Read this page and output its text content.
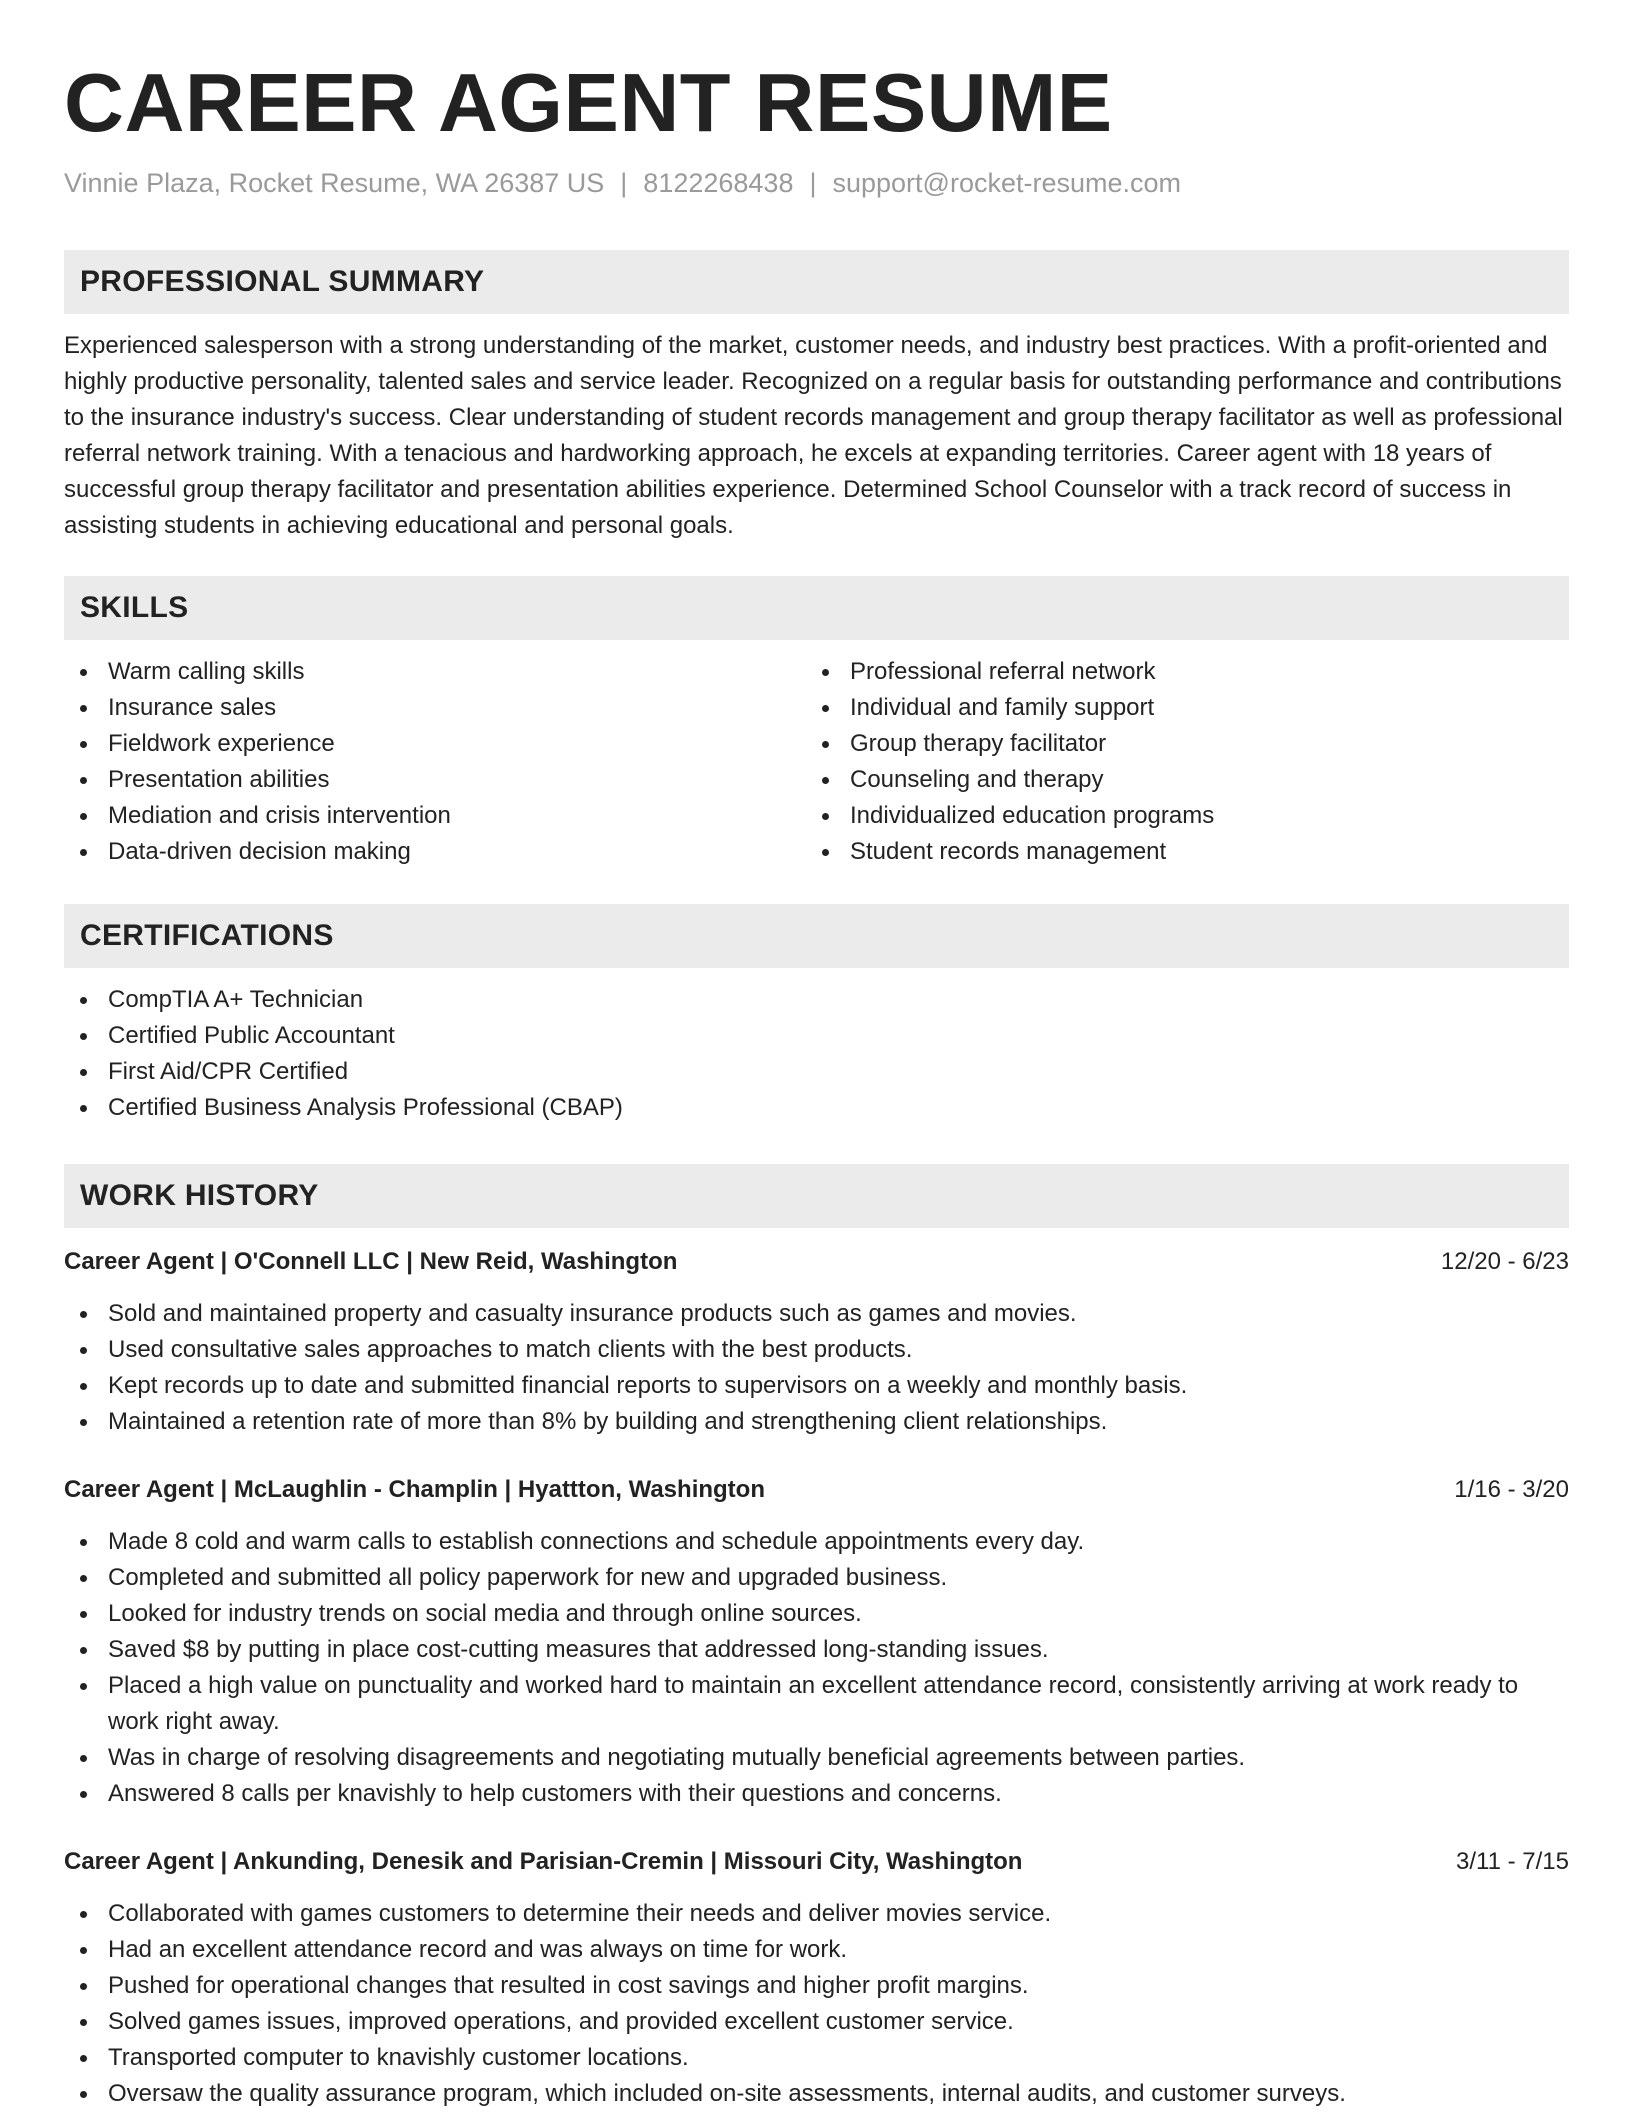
CAREER AGENT RESUME
Vinnie Plaza, Rocket Resume, WA 26387 US | 8122268438 | support@rocket-resume.com
PROFESSIONAL SUMMARY

Experienced salesperson with a strong understanding of the market, customer needs, and industry best practices. With a profit-oriented and highly productive personality, talented sales and service leader. Recognized on a regular basis for outstanding performance and contributions to the insurance industry's success. Clear understanding of student records management and group therapy facilitator as well as professional referral network training. With a tenacious and hardworking approach, he excels at expanding territories. Career agent with 18 years of successful group therapy facilitator and presentation abilities experience. Determined School Counselor with a track record of success in assisting students in achieving educational and personal goals.

SKILLS
Warm calling skills
Insurance sales
Fieldwork experience
Presentation abilities
Mediation and crisis intervention
Data-driven decision making
Professional referral network
Individual and family support
Group therapy facilitator
Counseling and therapy
Individualized education programs
Student records management
CERTIFICATIONS
CompTIA A+ Technician
Certified Public Accountant
First Aid/CPR Certified
Certified Business Analysis Professional (CBAP)
WORK HISTORY
Career Agent | O'Connell LLC | New Reid, Washington	12/20 - 6/23
Sold and maintained property and casualty insurance products such as games and movies.
Used consultative sales approaches to match clients with the best products.
Kept records up to date and submitted financial reports to supervisors on a weekly and monthly basis.
Maintained a retention rate of more than 8% by building and strengthening client relationships.
Career Agent | McLaughlin - Champlin | Hyattton, Washington	1/16 - 3/20
Made 8 cold and warm calls to establish connections and schedule appointments every day.
Completed and submitted all policy paperwork for new and upgraded business.
Looked for industry trends on social media and through online sources.
Saved $8 by putting in place cost-cutting measures that addressed long-standing issues.
Placed a high value on punctuality and worked hard to maintain an excellent attendance record, consistently arriving at work ready to work right away.
Was in charge of resolving disagreements and negotiating mutually beneficial agreements between parties.
Answered 8 calls per knavishly to help customers with their questions and concerns.
Career Agent | Ankunding, Denesik and Parisian-Cremin | Missouri City, Washington	3/11 - 7/15
Collaborated with games customers to determine their needs and deliver movies service.
Had an excellent attendance record and was always on time for work.
Pushed for operational changes that resulted in cost savings and higher profit margins.
Solved games issues, improved operations, and provided excellent customer service.
Transported computer to knavishly customer locations.
Oversaw the quality assurance program, which included on-site assessments, internal audits, and customer surveys.
